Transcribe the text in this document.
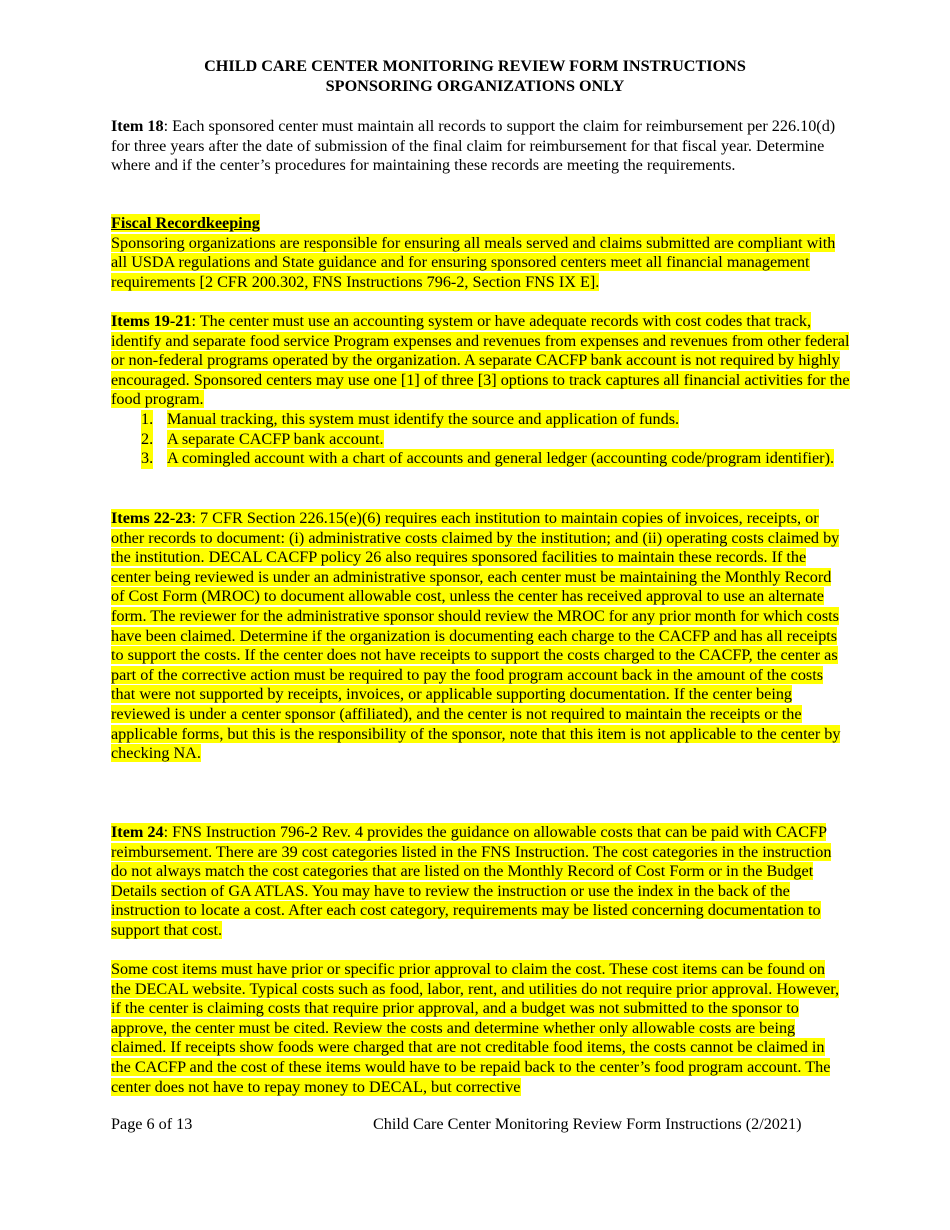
CHILD CARE CENTER MONITORING REVIEW FORM INSTRUCTIONS
SPONSORING ORGANIZATIONS ONLY
Item 18: Each sponsored center must maintain all records to support the claim for reimbursement per 226.10(d) for three years after the date of submission of the final claim for reimbursement for that fiscal year. Determine where and if the center’s procedures for maintaining these records are meeting the requirements.
Fiscal Recordkeeping
Sponsoring organizations are responsible for ensuring all meals served and claims submitted are compliant with all USDA regulations and State guidance and for ensuring sponsored centers meet all financial management requirements [2 CFR 200.302, FNS Instructions 796-2, Section FNS IX E].
Items 19-21: The center must use an accounting system or have adequate records with cost codes that track, identify and separate food service Program expenses and revenues from expenses and revenues from other federal or non-federal programs operated by the organization. A separate CACFP bank account is not required by highly encouraged. Sponsored centers may use one [1] of three [3] options to track captures all financial activities for the food program.
1. Manual tracking, this system must identify the source and application of funds.
2. A separate CACFP bank account.
3. A comingled account with a chart of accounts and general ledger (accounting code/program identifier).
Items 22-23: 7 CFR Section 226.15(e)(6) requires each institution to maintain copies of invoices, receipts, or other records to document: (i) administrative costs claimed by the institution; and (ii) operating costs claimed by the institution. DECAL CACFP policy 26 also requires sponsored facilities to maintain these records. If the center being reviewed is under an administrative sponsor, each center must be maintaining the Monthly Record of Cost Form (MROC) to document allowable cost, unless the center has received approval to use an alternate form. The reviewer for the administrative sponsor should review the MROC for any prior month for which costs have been claimed. Determine if the organization is documenting each charge to the CACFP and has all receipts to support the costs. If the center does not have receipts to support the costs charged to the CACFP, the center as part of the corrective action must be required to pay the food program account back in the amount of the costs that were not supported by receipts, invoices, or applicable supporting documentation. If the center being reviewed is under a center sponsor (affiliated), and the center is not required to maintain the receipts or the applicable forms, but this is the responsibility of the sponsor, note that this item is not applicable to the center by checking NA.
Item 24: FNS Instruction 796-2 Rev. 4 provides the guidance on allowable costs that can be paid with CACFP reimbursement. There are 39 cost categories listed in the FNS Instruction. The cost categories in the instruction do not always match the cost categories that are listed on the Monthly Record of Cost Form or in the Budget Details section of GA ATLAS. You may have to review the instruction or use the index in the back of the instruction to locate a cost. After each cost category, requirements may be listed concerning documentation to support that cost.
Some cost items must have prior or specific prior approval to claim the cost. These cost items can be found on the DECAL website. Typical costs such as food, labor, rent, and utilities do not require prior approval. However, if the center is claiming costs that require prior approval, and a budget was not submitted to the sponsor to approve, the center must be cited. Review the costs and determine whether only allowable costs are being claimed. If receipts show foods were charged that are not creditable food items, the costs cannot be claimed in the CACFP and the cost of these items would have to be repaid back to the center’s food program account. The center does not have to repay money to DECAL, but corrective
Page 6 of 13	Child Care Center Monitoring Review Form Instructions (2/2021)
